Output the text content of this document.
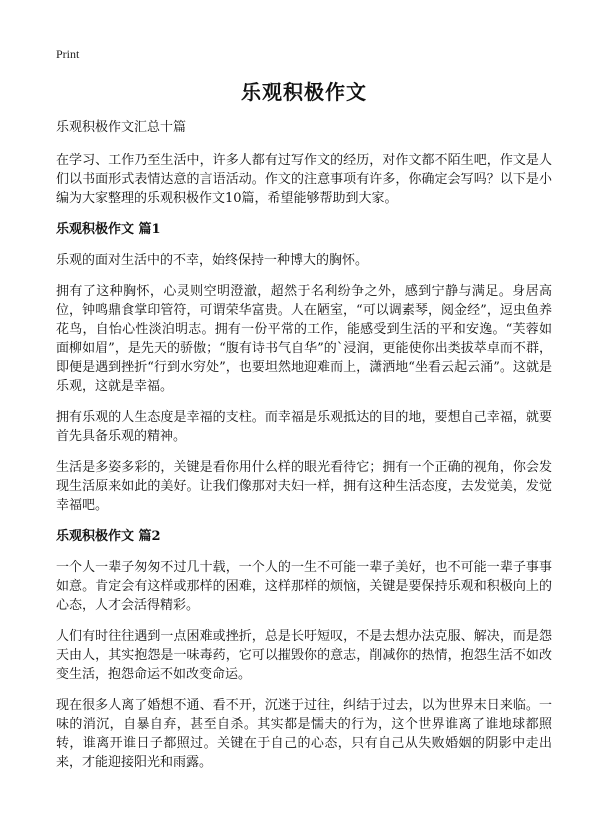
Print
乐观积极作文

乐观积极作文汇总十篇

在学习、工作乃至生活中，许多人都有过写作文的经历，对作文都不陌生吧，作文是人们以书面形式表情达意的言语活动。作文的注意事项有许多，你确定会写吗？以下是小编为大家整理的乐观积极作文10篇，希望能够帮助到大家。

乐观积极作文 篇1

乐观的面对生活中的不幸，始终保持一种博大的胸怀。

拥有了这种胸怀，心灵则空明澄澈，超然于名利纷争之外，感到宁静与满足。身居高位，钟鸣鼎食掌印管符，可谓荣华富贵。人在陋室，“可以调素琴，阅金经”，逗虫鱼养花鸟，自怡心性淡泊明志。拥有一份平常的工作，能感受到生活的平和安逸。“芙蓉如面柳如眉”，是先天的骄傲；“腹有诗书气自华”的`浸润，更能使你出类拔萃卓而不群，即便是遇到挫折“行到水穷处”，也要坦然地迎难而上，潇洒地“坐看云起云涌”。这就是乐观，这就是幸福。

拥有乐观的人生态度是幸福的支柱。而幸福是乐观抵达的目的地，要想自己幸福，就要首先具备乐观的精神。

生活是多姿多彩的，关键是看你用什么样的眼光看待它；拥有一个正确的视角，你会发现生活原来如此的美好。让我们像那对夫妇一样，拥有这种生活态度，去发觉美，发觉幸福吧。

乐观积极作文 篇2

一个人一辈子匆匆不过几十载，一个人的一生不可能一辈子美好，也不可能一辈子事事如意。肯定会有这样或那样的困难，这样那样的烦恼，关键是要保持乐观和积极向上的心态，人才会活得精彩。

人们有时往往遇到一点困难或挫折，总是长吁短叹，不是去想办法克服、解决，而是怨天由人，其实抱怨是一味毒药，它可以摧毁你的意志，削减你的热情，抱怨生活不如改变生活，抱怨命运不如改变命运。

现在很多人离了婚想不通、看不开，沉迷于过往，纠结于过去，以为世界末日来临。一味的消沉，自暴自弃，甚至自杀。其实都是懦夫的行为，这个世界谁离了谁地球都照转，谁离开谁日子都照过。关键在于自己的心态，只有自己从失败婚姻的阴影中走出来，才能迎接阳光和雨露。
